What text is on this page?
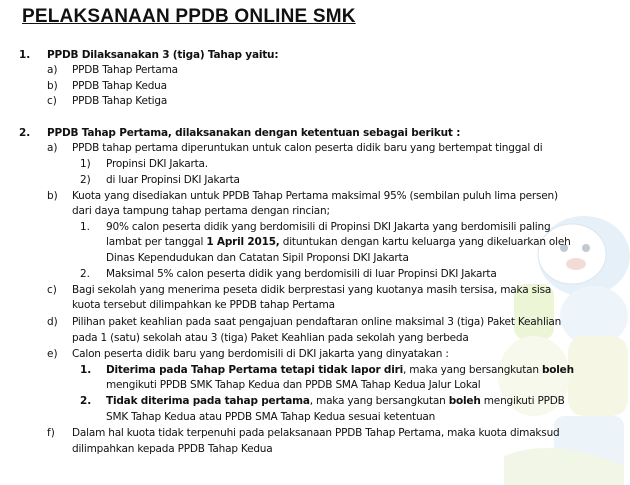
PELAKSANAAN PPDB ONLINE SMK
1. PPDB Dilaksanakan 3 (tiga) Tahap yaitu:
a) PPDB Tahap Pertama
b) PPDB Tahap Kedua
c) PPDB Tahap Ketiga
2. PPDB Tahap Pertama, dilaksanakan dengan ketentuan sebagai berikut :
a) PPDB tahap pertama diperuntukan untuk calon peserta didik baru yang bertempat tinggal di
1) Propinsi DKI Jakarta.
2) di luar Propinsi DKI Jakarta
b) Kuota yang disediakan untuk PPDB Tahap Pertama maksimal 95% (sembilan puluh lima persen)
dari daya tampung tahap pertama dengan rincian;
1. 90% calon peserta didik yang berdomisili di Propinsi DKI Jakarta yang berdomisili paling
lambat per tanggal 1 April 2015, dituntukan dengan kartu keluarga yang dikeluarkan oleh
Dinas Kependudukan dan Catatan Sipil Proponsi DKI Jakarta
2. Maksimal 5% calon peserta didik yang berdomisili di luar Propinsi DKI Jakarta
c) Bagi sekolah yang menerima peseta didik berprestasi yang kuotanya masih tersisa, maka sisa
kuota tersebut dilimpahkan ke PPDB tahap Pertama
d) Pilihan paket keahlian pada saat pengajuan pendaftaran online maksimal 3 (tiga) Paket Keahlian
pada 1 (satu) sekolah atau 3 (tiga) Paket Keahlian pada sekolah yang berbeda
e) Calon peserta didik baru yang berdomisili di DKI jakarta yang dinyatakan :
1. Diterima pada Tahap Pertama tetapi tidak lapor diri, maka yang bersangkutan boleh
mengikuti PPDB SMK Tahap Kedua dan PPDB SMA Tahap Kedua Jalur Lokal
2. Tidak diterima pada tahap pertama, maka yang bersangkutan boleh mengikuti PPDB
SMK Tahap Kedua atau PPDB SMA Tahap Kedua sesuai ketentuan
f) Dalam hal kuota tidak terpenuhi pada pelaksanaan PPDB Tahap Pertama, maka kuota dimaksud
dilimpahkan kepada PPDB Tahap Kedua
